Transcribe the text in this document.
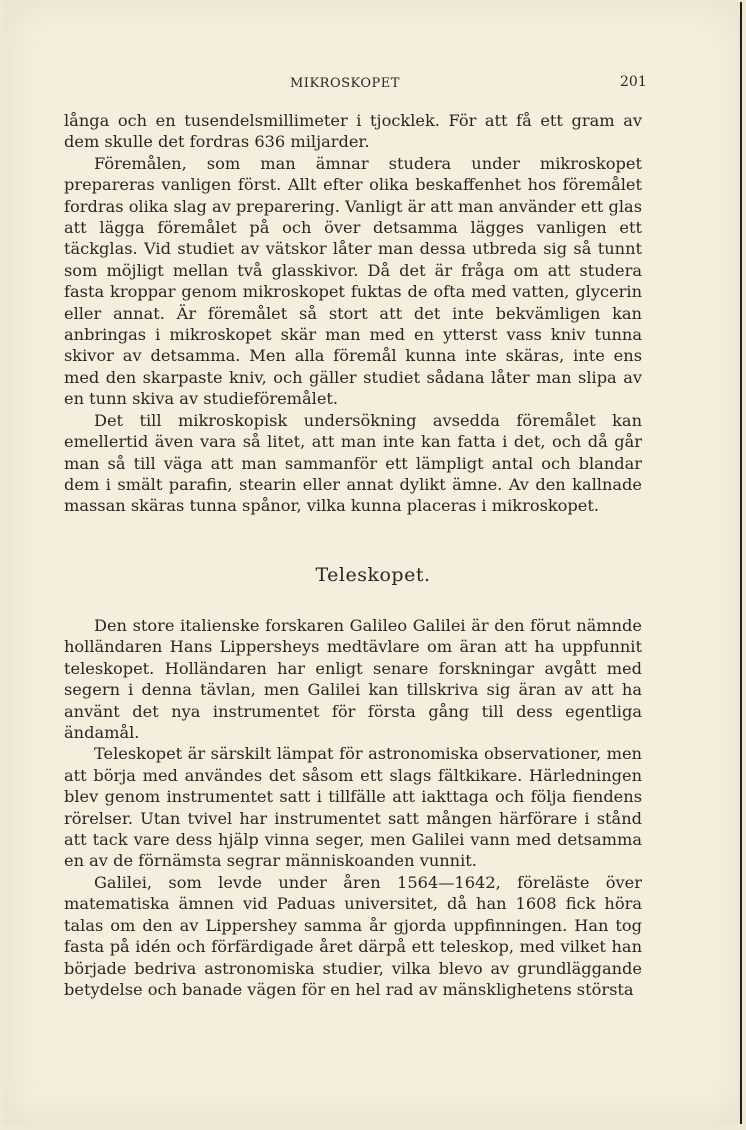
MIKROSKOPET	201

långa och en tusendelsmillimeter i tjocklek. För att få ett gram av dem skulle det fordras 636 miljarder.

Föremålen, som man ämnar studera under mikroskopet prepareras vanligen först. Allt efter olika beskaffenhet hos föremålet fordras olika slag av preparering. Vanligt är att man använder ett glas att lägga föremålet på och över detsamma lägges vanligen ett täckglas. Vid studiet av vätskor låter man dessa utbreda sig så tunnt som möjligt mellan två glasskivor. Då det är fråga om att studera fasta kroppar genom mikroskopet fuktas de ofta med vatten, glycerin eller annat. Är föremålet så stort att det inte bekvämligen kan anbringas i mikroskopet skär man med en ytterst vass kniv tunna skivor av detsamma. Men alla föremål kunna inte skäras, inte ens med den skarpaste kniv, och gäller studiet sådana låter man slipa av en tunn skiva av studieföremålet.

Det till mikroskopisk undersökning avsedda föremålet kan emellertid även vara så litet, att man inte kan fatta i det, och då går man så till väga att man sammanför ett lämpligt antal och blandar dem i smält parafin, stearin eller annat dylikt ämne. Av den kallnade massan skäras tunna spånor, vilka kunna placeras i mikroskopet.

Teleskopet.

Den store italienske forskaren Galileo Galilei är den förut nämnde holländaren Hans Lippersheys medtävlare om äran att ha uppfunnit teleskopet. Holländaren har enligt senare forskningar avgått med segern i denna tävlan, men Galilei kan tillskriva sig äran av att ha använt det nya instrumentet för första gång till dess egentliga ändamål.

Teleskopet är särskilt lämpat för astronomiska observationer, men att börja med användes det såsom ett slags fältkikare. Härledningen blev genom instrumentet satt i tillfälle att iakttaga och följa fiendens rörelser. Utan tvivel har instrumentet satt mången härförare i stånd att tack vare dess hjälp vinna seger, men Galilei vann med detsamma en av de förnämsta segrar människoanden vunnit.

Galilei, som levde under åren 1564—1642, föreläste över matematiska ämnen vid Paduas universitet, då han 1608 fick höra talas om den av Lippershey samma år gjorda uppfinningen. Han tog fasta på idén och förfärdigade året därpå ett teleskop, med vilket han började bedriva astronomiska studier, vilka blevo av grundläggande betydelse och banade vägen för en hel rad av mänsklighetens största
